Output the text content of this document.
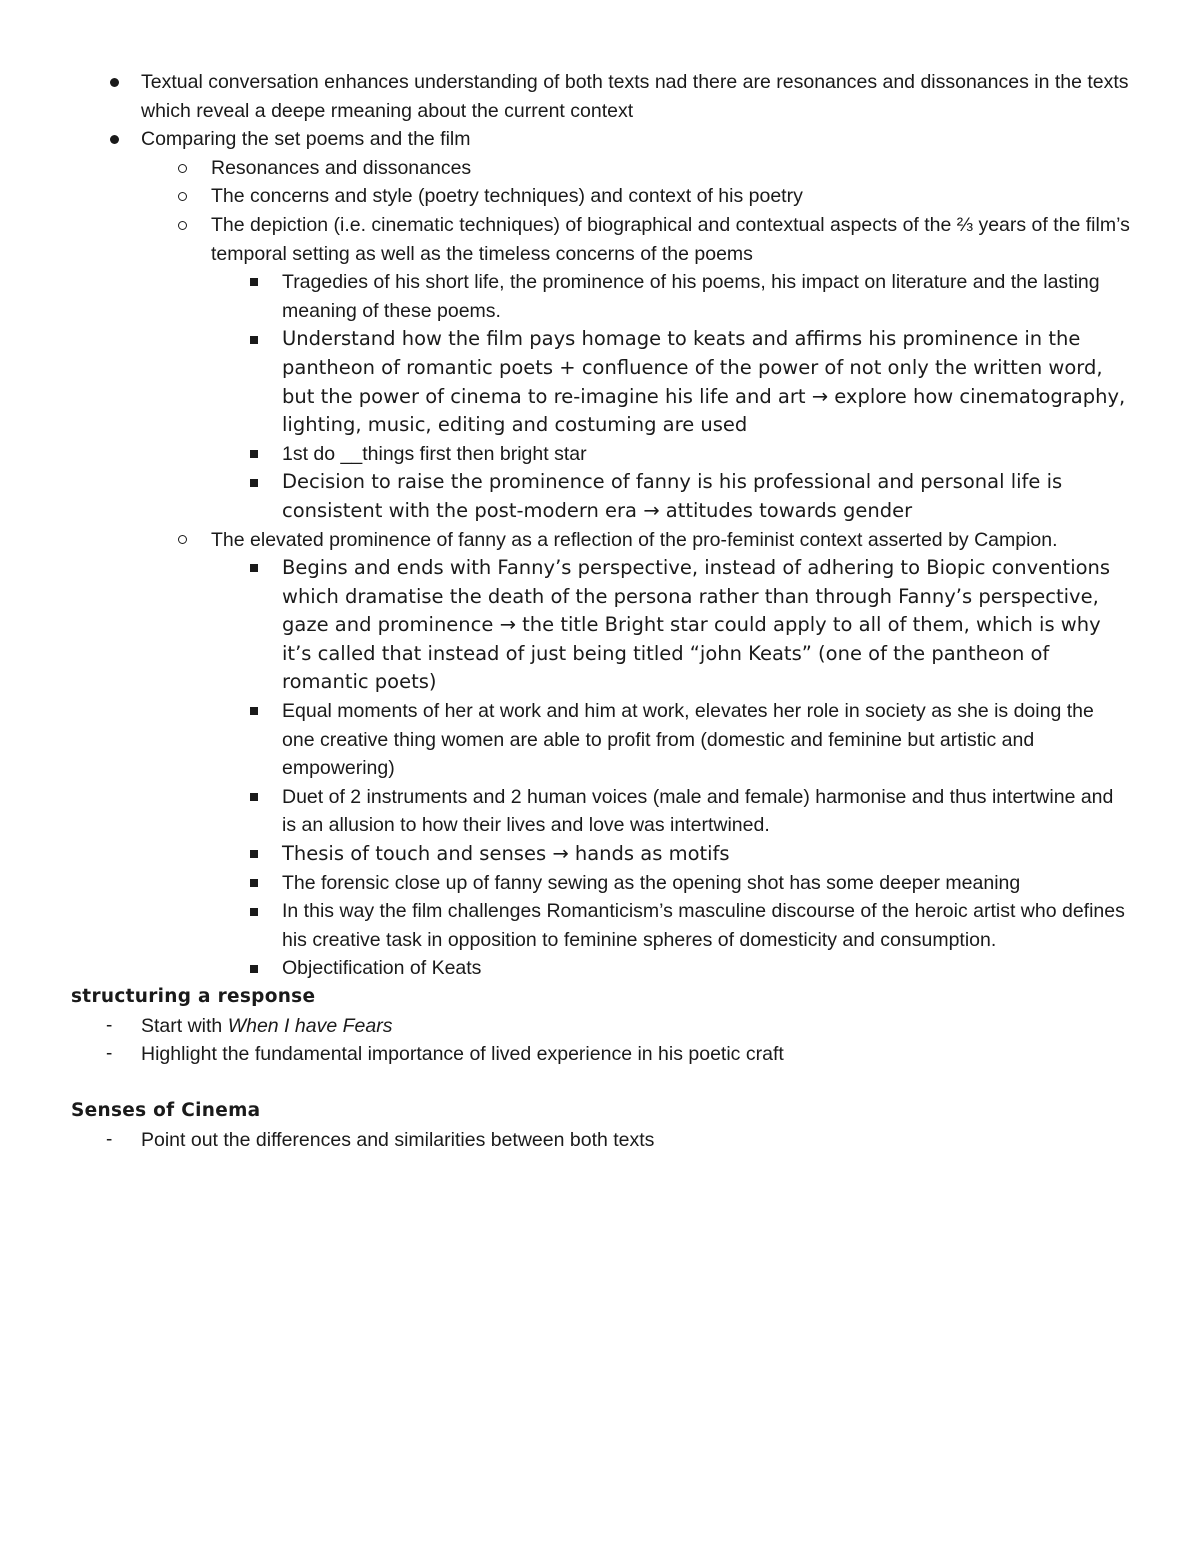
Textual conversation enhances understanding of both texts nad there are resonances and dissonances in the texts which reveal a deepe rmeaning about the current context
Comparing the set poems and the film
Resonances and dissonances
The concerns and style (poetry techniques) and context of his poetry
The depiction (i.e. cinematic techniques) of biographical and contextual aspects of the ⅔ years of the film’s temporal setting as well as the timeless concerns of the poems
Tragedies of his short life, the prominence of his poems, his impact on literature and the lasting meaning of these poems.
Understand how the film pays homage to keats and affirms his prominence in the pantheon of romantic poets + confluence of the power of not only the written word, but the power of cinema to re-imagine his life and art → explore how cinematography, lighting, music, editing and costuming are used
1st do __things first then bright star
Decision to raise the prominence of fanny is his professional and personal life is consistent with the post-modern era → attitudes towards gender
The elevated prominence of fanny as a reflection of the pro-feminist context asserted by Campion.
Begins and ends with Fanny’s perspective, instead of adhering to Biopic conventions which dramatise the death of the persona rather than through Fanny’s perspective, gaze and prominence → the title Bright star could apply to all of them, which is why it’s called that instead of just being titled “john Keats” (one of the pantheon of romantic poets)
Equal moments of her at work and him at work, elevates her role in society as she is doing the one creative thing women are able to profit from (domestic and feminine but artistic and empowering)
Duet of 2 instruments and 2 human voices (male and female) harmonise and thus intertwine and is an allusion to how their lives and love was intertwined.
Thesis of touch and senses → hands as motifs
The forensic close up of fanny sewing as the opening shot has some deeper meaning
In this way the film challenges Romanticism’s masculine discourse of the heroic artist who defines his creative task in opposition to feminine spheres of domesticity and consumption.
Objectification of Keats
structuring a response
- Start with When I have Fears
- Highlight the fundamental importance of lived experience in his poetic craft
Senses of Cinema
- Point out the differences and similarities between both texts
